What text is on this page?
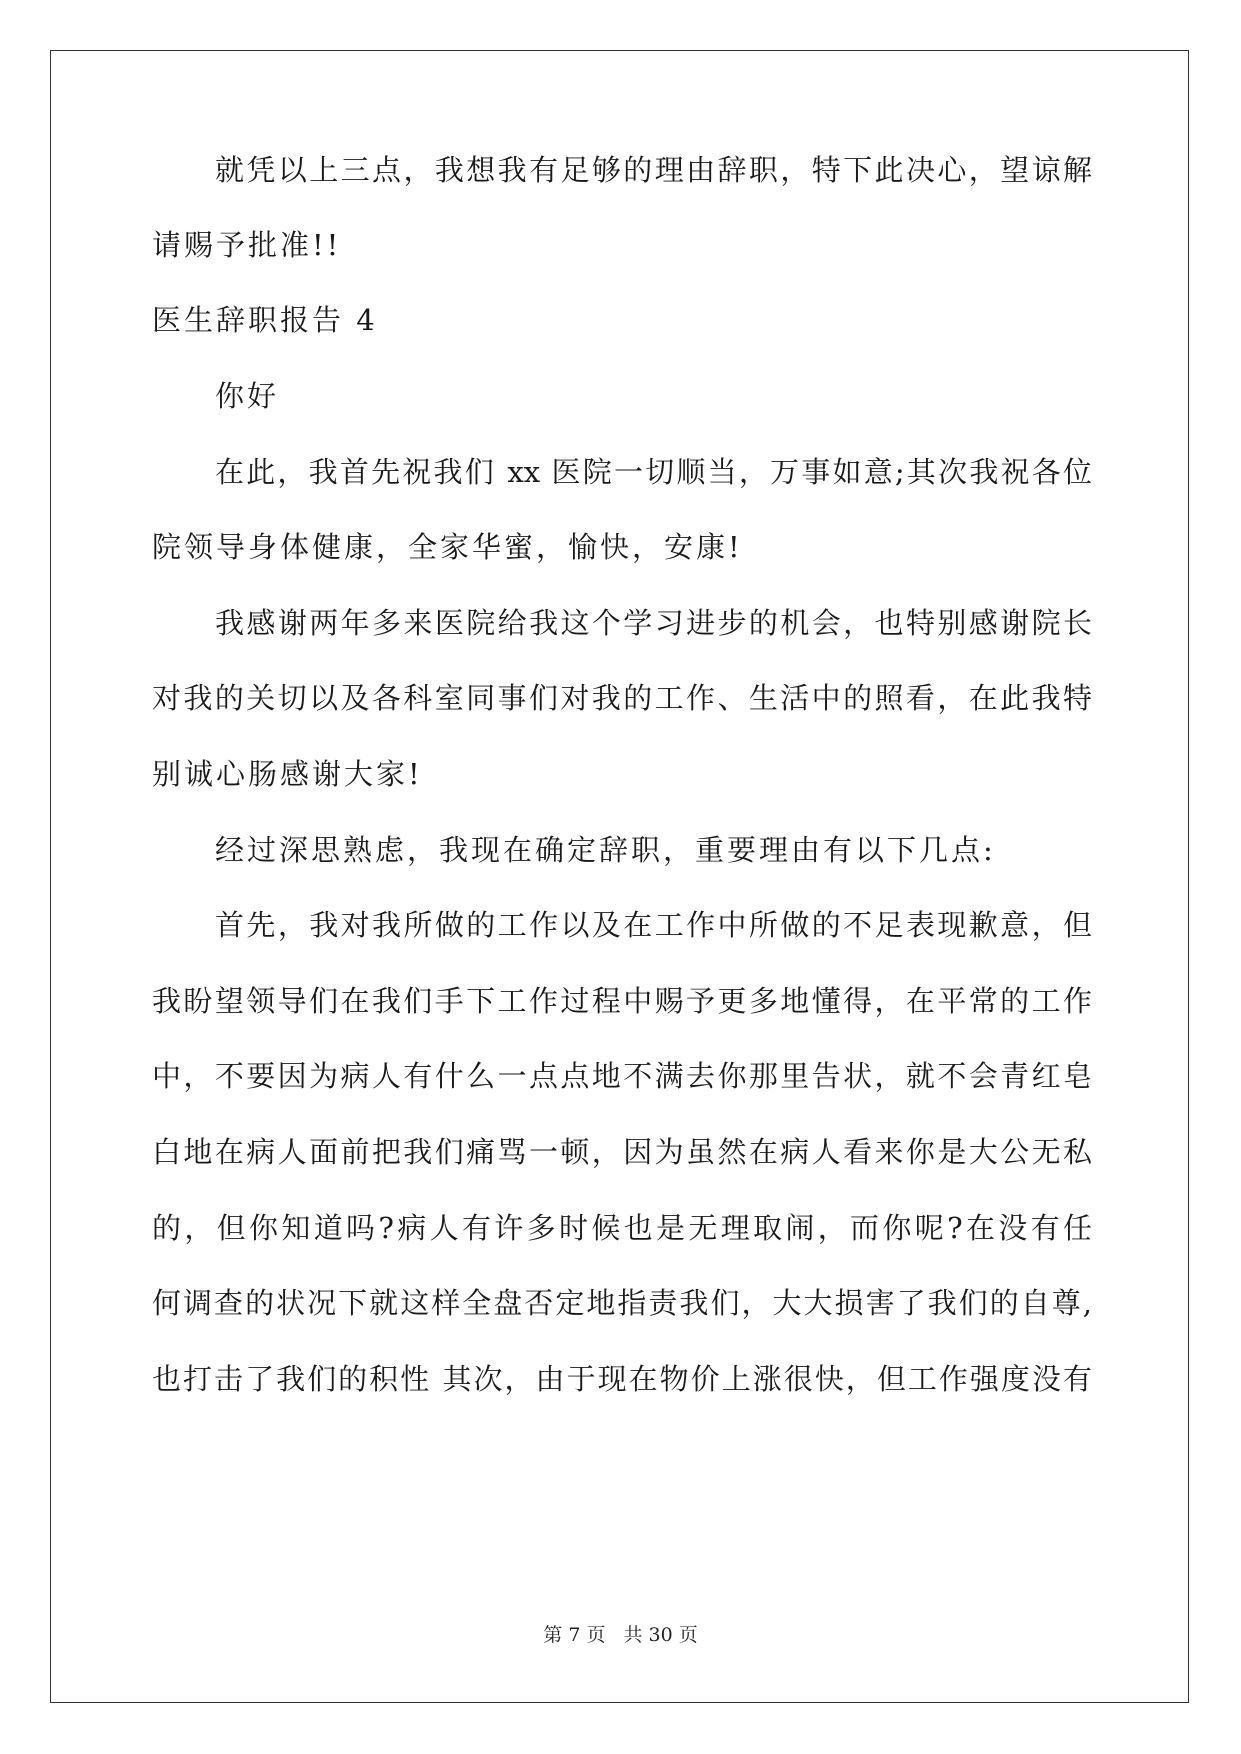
就凭以上三点，我想我有足够的理由辞职，特下此决心，望谅解
请赐予批准!!
医生辞职报告 4
你好
在此，我首先祝我们 xx 医院一切顺当，万事如意;其次我祝各位
院领导身体健康，全家华蜜，愉快，安康!
我感谢两年多来医院给我这个学习进步的机会，也特别感谢院长
对我的关切以及各科室同事们对我的工作、生活中的照看，在此我特
别诚心肠感谢大家!
经过深思熟虑，我现在确定辞职，重要理由有以下几点:
首先，我对我所做的工作以及在工作中所做的不足表现歉意，但
我盼望领导们在我们手下工作过程中赐予更多地懂得，在平常的工作
中，不要因为病人有什么一点点地不满去你那里告状，就不会青红皂
白地在病人面前把我们痛骂一顿，因为虽然在病人看来你是大公无私
的，但你知道吗?病人有许多时候也是无理取闹，而你呢?在没有任
何调查的状况下就这样全盘否定地指责我们，大大损害了我们的自尊,
也打击了我们的积性 其次，由于现在物价上涨很快，但工作强度没有
第 7 页 共 30 页
